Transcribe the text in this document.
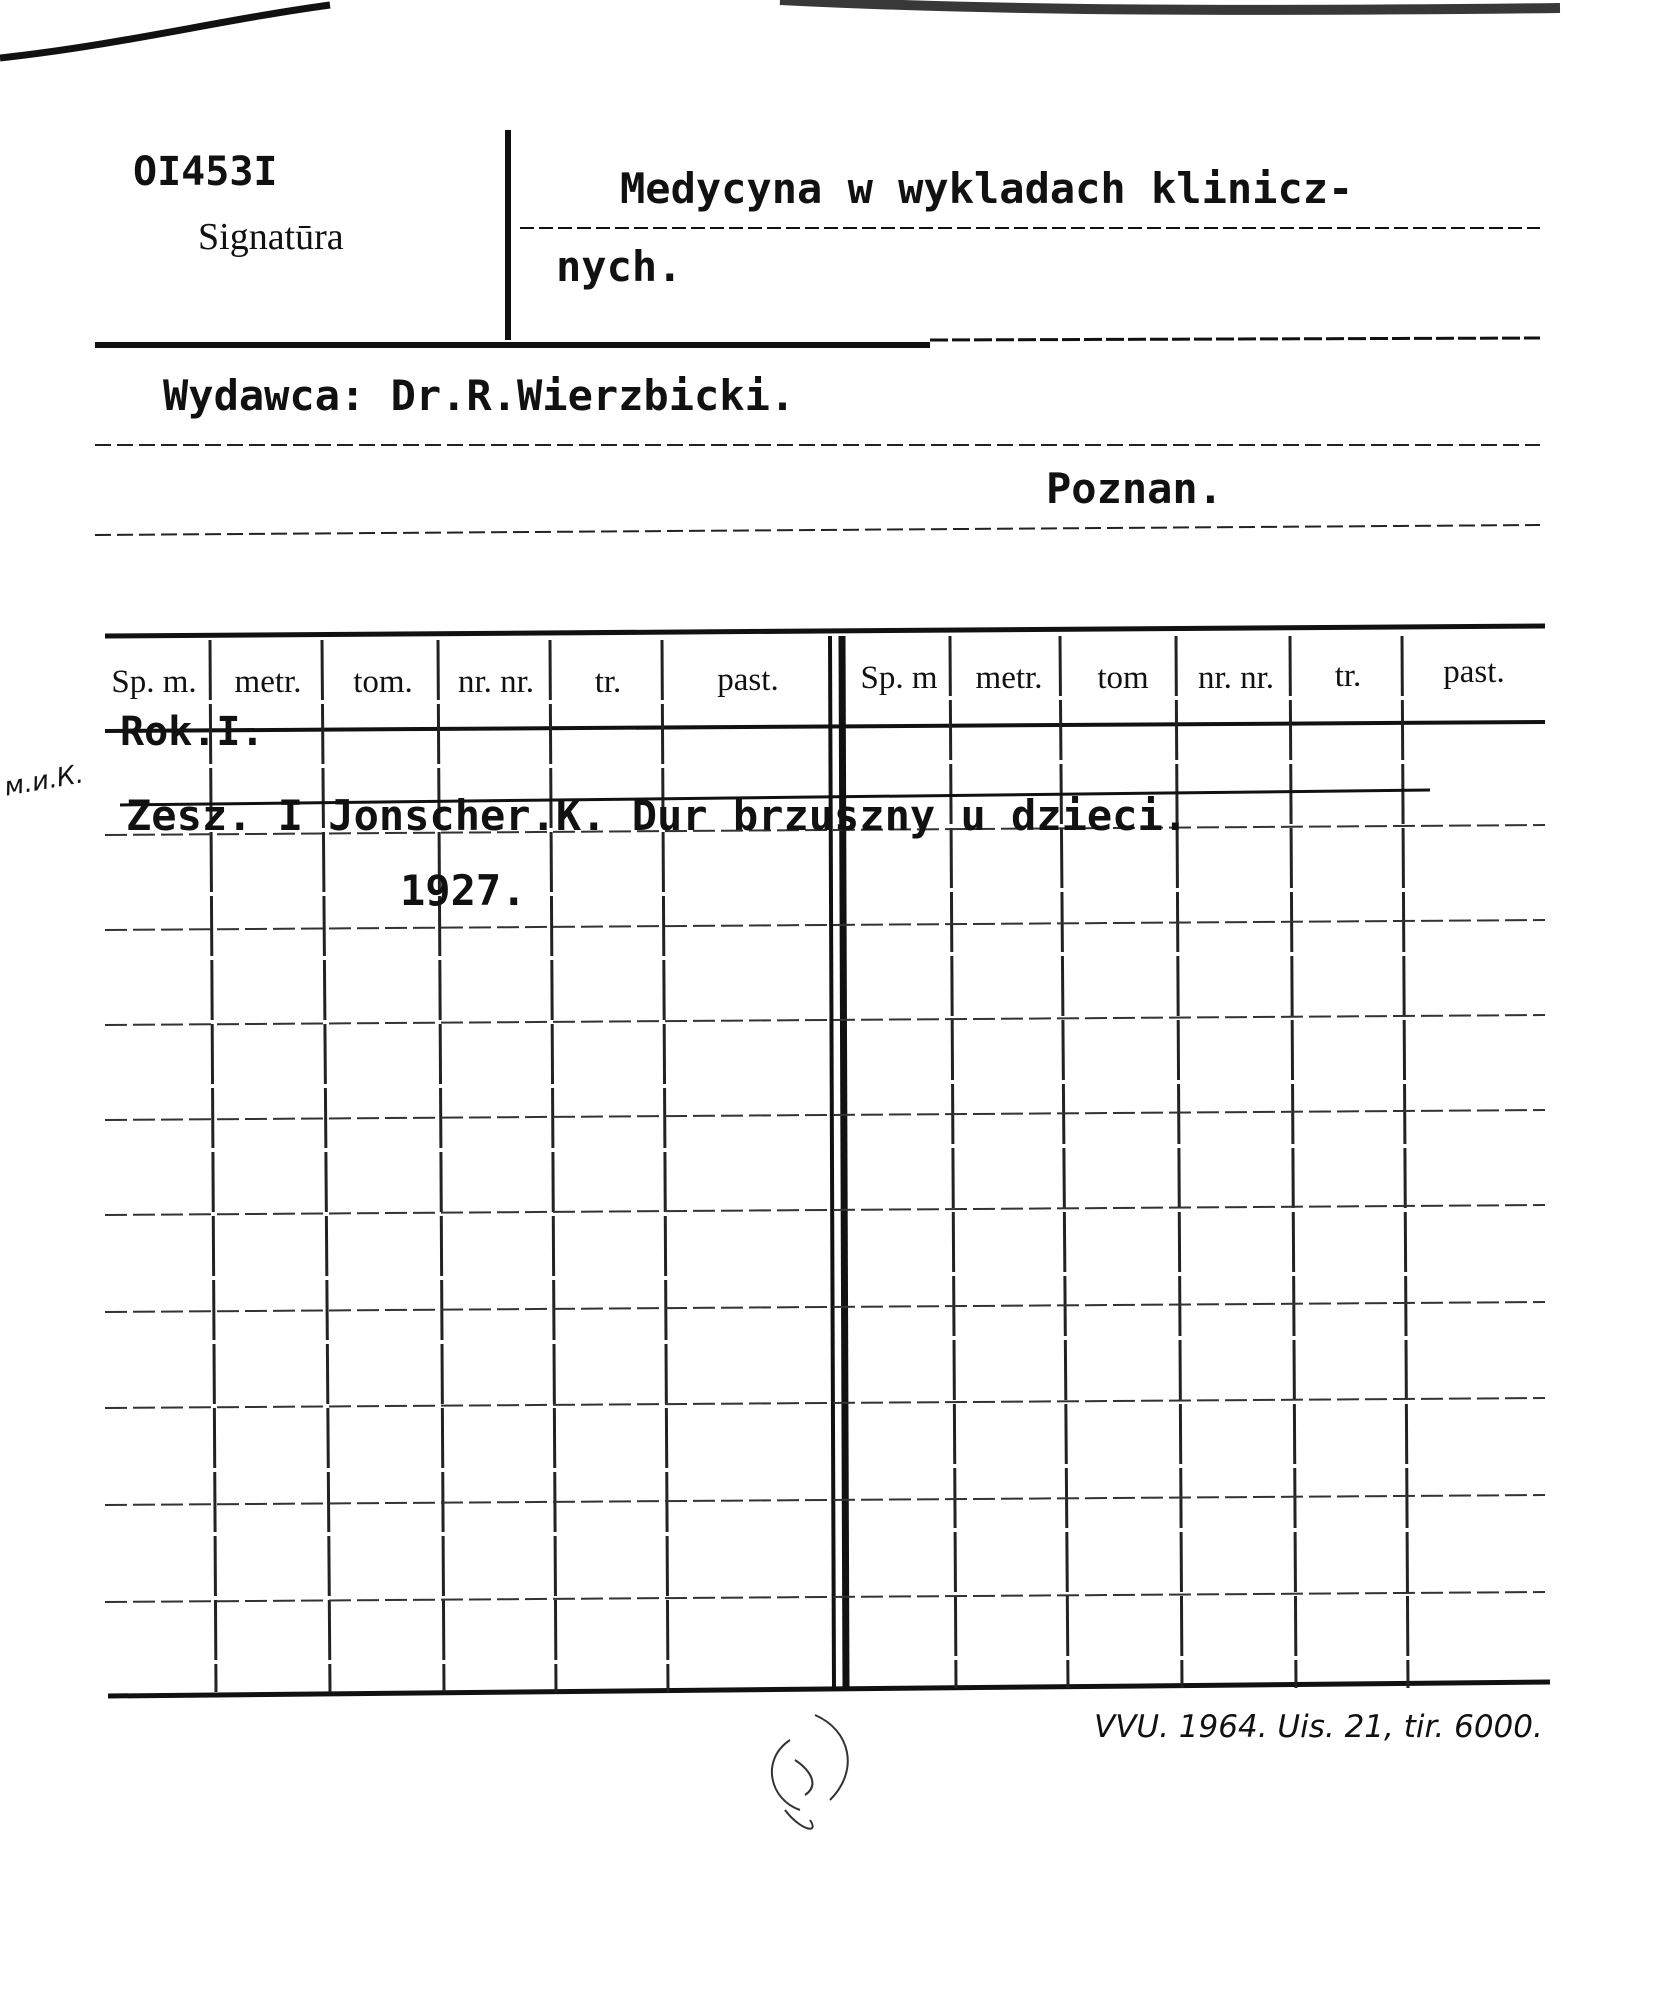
OI453I
Signatūra
Medycyna w wykladach klinicz-
nych.
Wydawca: Dr.R.Wierzbicki.
Poznan.
Sp. m.	metr.	tom.	nr. nr.	tr.	past.	Sp. m	metr.	tom	nr. nr.	tr.	past.
Rok.I.
Zesz. I Jonscher.K. Dur brzuszny u dzieci.
1927.
м.и.К.
VVU. 1964. Uis. 21, tir. 6000.
